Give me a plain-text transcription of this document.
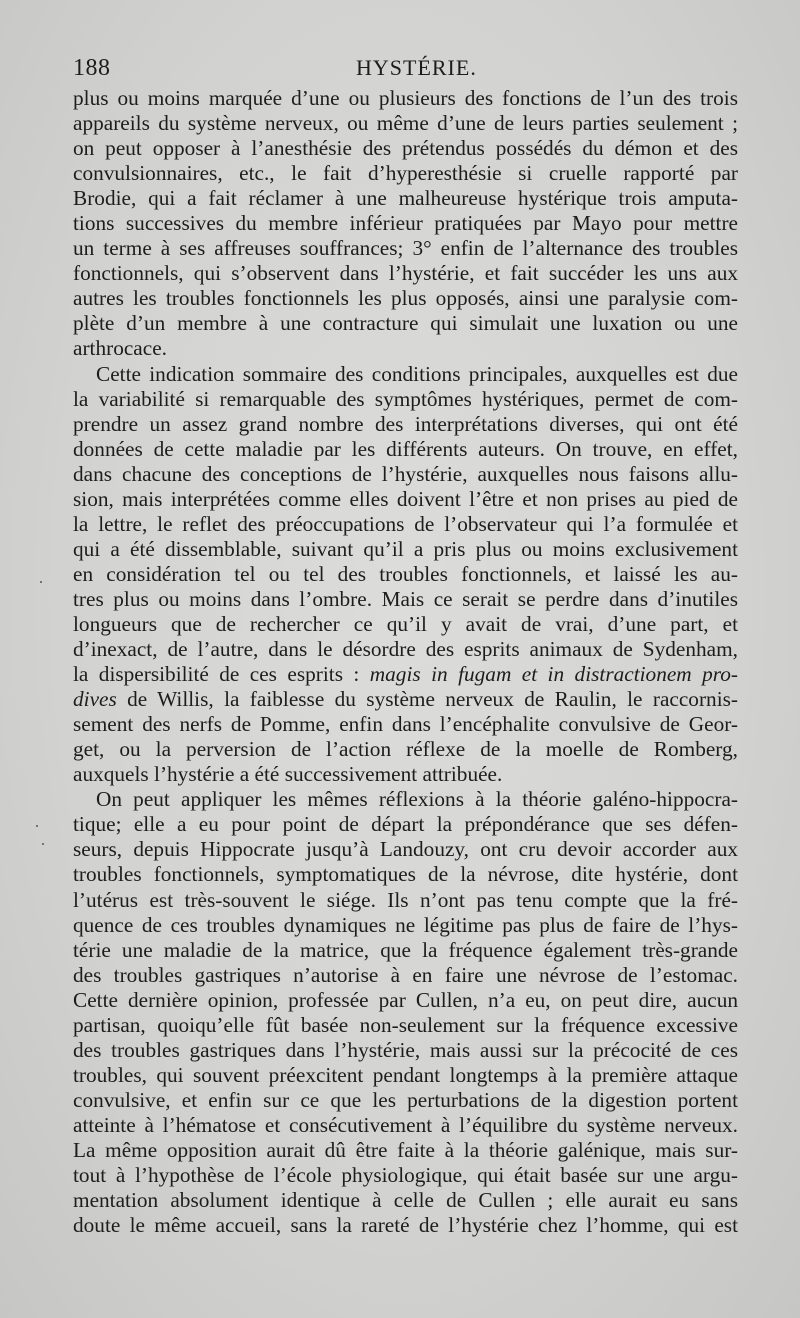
188	HYSTÉRIE.
plus ou moins marquée d’une ou plusieurs des fonctions de l’un des trois
appareils du système nerveux, ou même d’une de leurs parties seulement ;
on peut opposer à l’anesthésie des prétendus possédés du démon et des
convulsionnaires, etc., le fait d’hyperesthésie si cruelle rapporté par
Brodie, qui a fait réclamer à une malheureuse hystérique trois amputa-
tions successives du membre inférieur pratiquées par Mayo pour mettre
un terme à ses affreuses souffrances; 3° enfin de l’alternance des troubles
fonctionnels, qui s’observent dans l’hystérie, et fait succéder les uns aux
autres les troubles fonctionnels les plus opposés, ainsi une paralysie com-
plète d’un membre à une contracture qui simulait une luxation ou une
arthrocace.
Cette indication sommaire des conditions principales, auxquelles est due
la variabilité si remarquable des symptômes hystériques, permet de com-
prendre un assez grand nombre des interprétations diverses, qui ont été
données de cette maladie par les différents auteurs. On trouve, en effet,
dans chacune des conceptions de l’hystérie, auxquelles nous faisons allu-
sion, mais interprétées comme elles doivent l’être et non prises au pied de
la lettre, le reflet des préoccupations de l’observateur qui l’a formulée et
qui a été dissemblable, suivant qu’il a pris plus ou moins exclusivement
en considération tel ou tel des troubles fonctionnels, et laissé les au-
tres plus ou moins dans l’ombre. Mais ce serait se perdre dans d’inutiles
longueurs que de rechercher ce qu’il y avait de vrai, d’une part, et
d’inexact, de l’autre, dans le désordre des esprits animaux de Sydenham,
la dispersibilité de ces esprits : magis in fugam et in distractionem pro-
dives de Willis, la faiblesse du système nerveux de Raulin, le raccornis-
sement des nerfs de Pomme, enfin dans l’encéphalite convulsive de Geor-
get, ou la perversion de l’action réflexe de la moelle de Romberg,
auxquels l’hystérie a été successivement attribuée.
On peut appliquer les mêmes réflexions à la théorie galéno-hippocra-
tique; elle a eu pour point de départ la prépondérance que ses défen-
seurs, depuis Hippocrate jusqu’à Landouzy, ont cru devoir accorder aux
troubles fonctionnels, symptomatiques de la névrose, dite hystérie, dont
l’utérus est très-souvent le siége. Ils n’ont pas tenu compte que la fré-
quence de ces troubles dynamiques ne légitime pas plus de faire de l’hys-
térie une maladie de la matrice, que la fréquence également très-grande
des troubles gastriques n’autorise à en faire une névrose de l’estomac.
Cette dernière opinion, professée par Cullen, n’a eu, on peut dire, aucun
partisan, quoiqu’elle fût basée non-seulement sur la fréquence excessive
des troubles gastriques dans l’hystérie, mais aussi sur la précocité de ces
troubles, qui souvent préexcitent pendant longtemps à la première attaque
convulsive, et enfin sur ce que les perturbations de la digestion portent
atteinte à l’hématose et consécutivement à l’équilibre du système nerveux.
La même opposition aurait dû être faite à la théorie galénique, mais sur-
tout à l’hypothèse de l’école physiologique, qui était basée sur une argu-
mentation absolument identique à celle de Cullen ; elle aurait eu sans
doute le même accueil, sans la rareté de l’hystérie chez l’homme, qui est
